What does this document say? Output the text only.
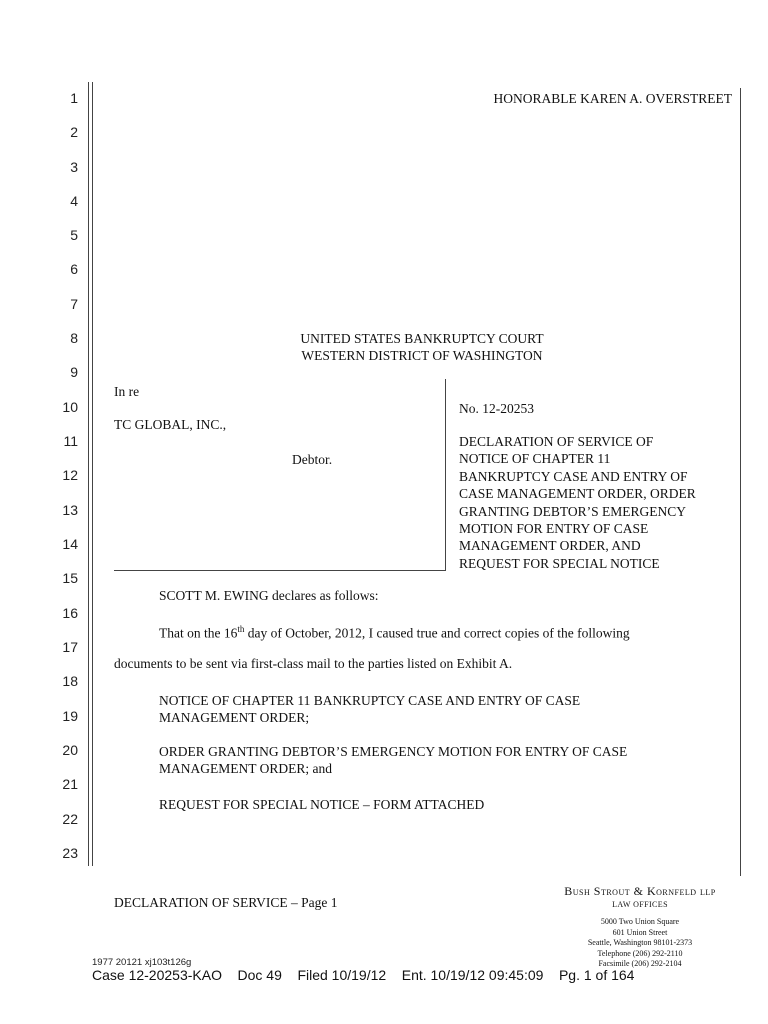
1
2
3
4
5
6
7
8
9
10
11
12
13
14
15
16
17
18
19
20
21
22
23
HONORABLE KAREN A. OVERSTREET
UNITED STATES BANKRUPTCY COURT
WESTERN DISTRICT OF WASHINGTON
In re
TC GLOBAL, INC.,
Debtor.
No. 12-20253
DECLARATION OF SERVICE OF
NOTICE OF CHAPTER 11
BANKRUPTCY CASE AND ENTRY OF
CASE MANAGEMENT ORDER, ORDER
GRANTING DEBTOR’S EMERGENCY
MOTION FOR ENTRY OF CASE
MANAGEMENT ORDER, AND
REQUEST FOR SPECIAL NOTICE
SCOTT M. EWING declares as follows:
That on the 16th day of October, 2012, I caused true and correct copies of the following
documents to be sent via first-class mail to the parties listed on Exhibit A.
NOTICE OF CHAPTER 11 BANKRUPTCY CASE AND ENTRY OF CASE
MANAGEMENT ORDER;
ORDER GRANTING DEBTOR’S EMERGENCY MOTION FOR ENTRY OF CASE
MANAGEMENT ORDER; and
REQUEST FOR SPECIAL NOTICE – FORM ATTACHED
DECLARATION OF SERVICE – Page 1
Bush Strout & Kornfeld llp
LAW OFFICES
5000 Two Union Square
601 Union Street
Seattle, Washington 98101-2373
Telephone (206) 292-2110
Facsimile (206) 292-2104
1977 20121 xj103t126g
Case 12-20253-KAO    Doc 49    Filed 10/19/12    Ent. 10/19/12 09:45:09    Pg. 1 of 164
